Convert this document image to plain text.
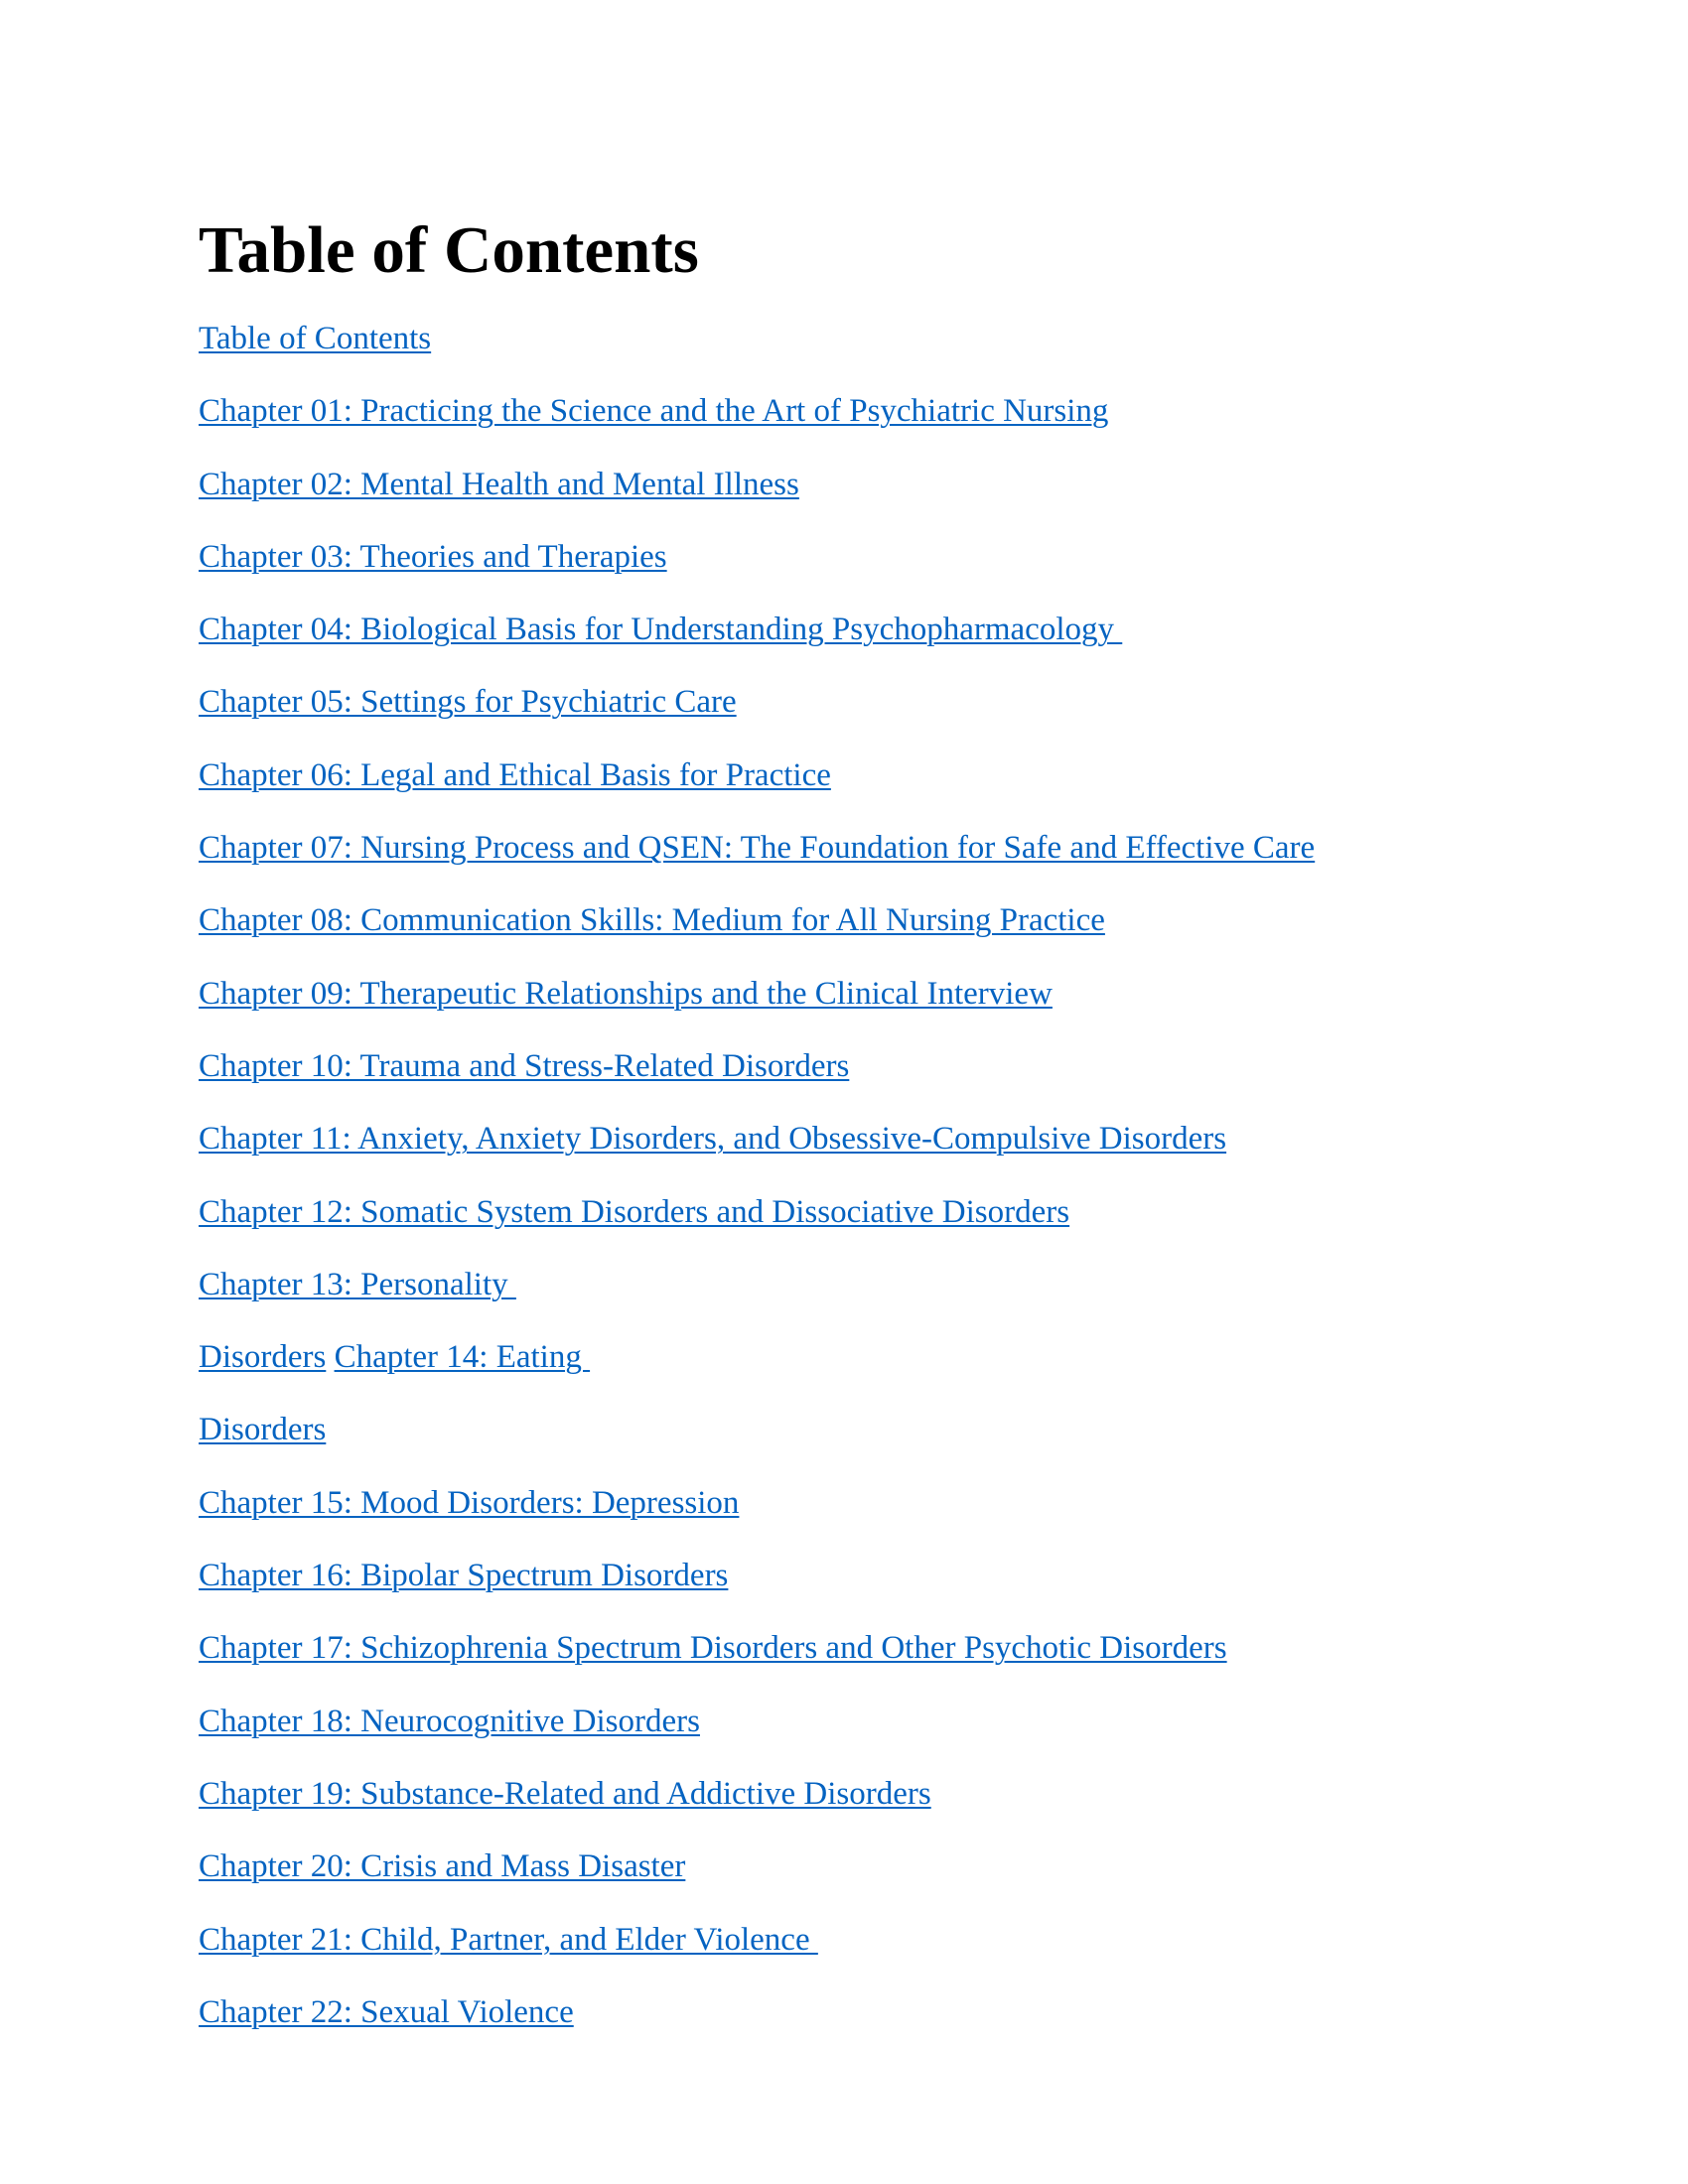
Table of Contents
Table of Contents
Chapter 01: Practicing the Science and the Art of Psychiatric Nursing
Chapter 02: Mental Health and Mental Illness
Chapter 03: Theories and Therapies
Chapter 04: Biological Basis for Understanding Psychopharmacology
Chapter 05: Settings for Psychiatric Care
Chapter 06: Legal and Ethical Basis for Practice
Chapter 07: Nursing Process and QSEN: The Foundation for Safe and Effective Care
Chapter 08: Communication Skills: Medium for All Nursing Practice
Chapter 09: Therapeutic Relationships and the Clinical Interview
Chapter 10: Trauma and Stress-Related Disorders
Chapter 11: Anxiety, Anxiety Disorders, and Obsessive-Compulsive Disorders
Chapter 12: Somatic System Disorders and Dissociative Disorders
Chapter 13: Personality
Disorders Chapter 14: Eating
Disorders
Chapter 15: Mood Disorders: Depression
Chapter 16: Bipolar Spectrum Disorders
Chapter 17: Schizophrenia Spectrum Disorders and Other Psychotic Disorders
Chapter 18: Neurocognitive Disorders
Chapter 19: Substance-Related and Addictive Disorders
Chapter 20: Crisis and Mass Disaster
Chapter 21: Child, Partner, and Elder Violence
Chapter 22: Sexual Violence
